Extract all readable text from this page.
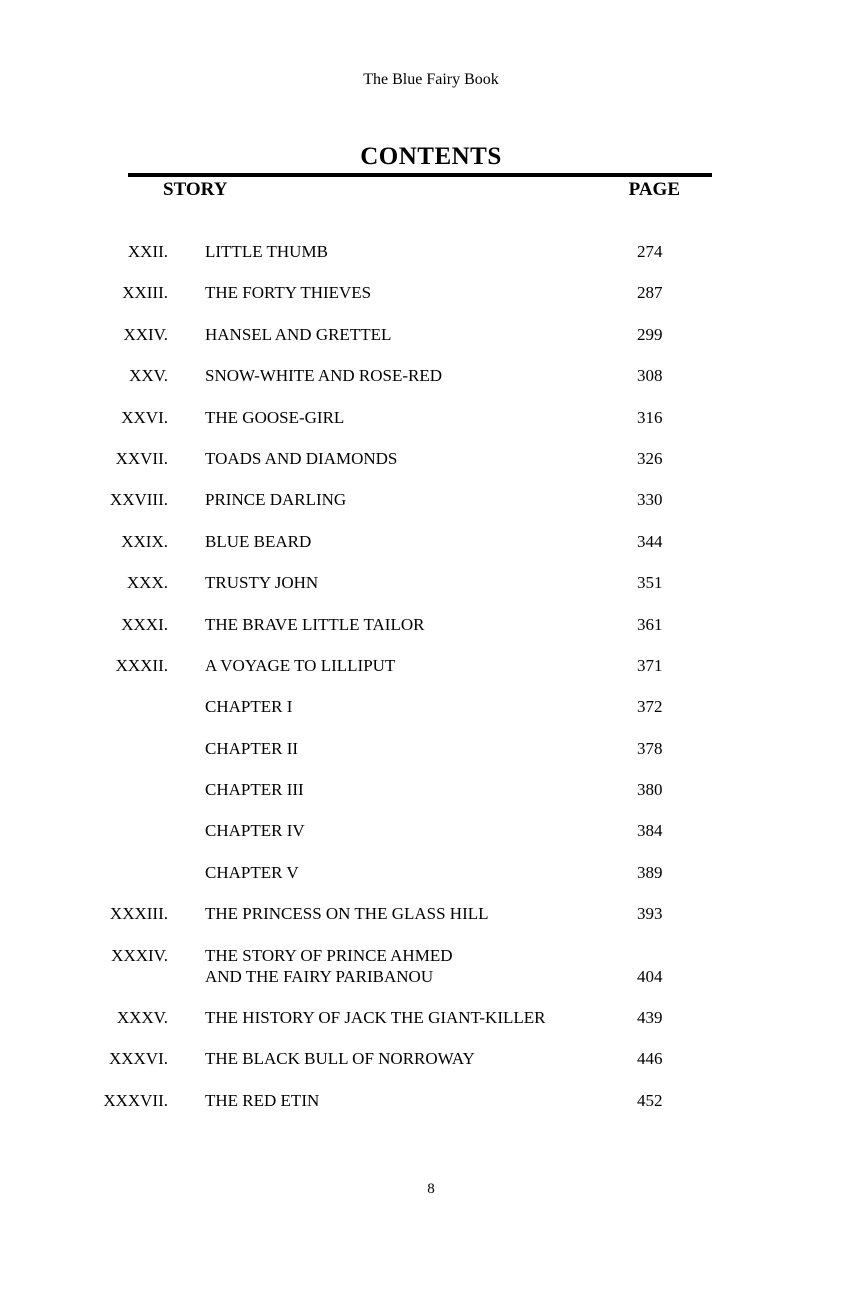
The Blue Fairy Book
CONTENTS
STORY	PAGE
XXII. LITTLE THUMB	274
XXIII. THE FORTY THIEVES	287
XXIV. HANSEL AND GRETTEL	299
XXV. SNOW-WHITE AND ROSE-RED	308
XXVI. THE GOOSE-GIRL	316
XXVII. TOADS AND DIAMONDS	326
XXVIII. PRINCE DARLING	330
XXIX. BLUE BEARD	344
XXX. TRUSTY JOHN	351
XXXI. THE BRAVE LITTLE TAILOR	361
XXXII. A VOYAGE TO LILLIPUT	371
CHAPTER I	372
CHAPTER II	378
CHAPTER III	380
CHAPTER IV	384
CHAPTER V	389
XXXIII. THE PRINCESS ON THE GLASS HILL	393
XXXIV. THE STORY OF PRINCE AHMED
AND THE FAIRY PARIBANOU	404
XXXV. THE HISTORY OF JACK THE GIANT-KILLER	439
XXXVI. THE BLACK BULL OF NORROWAY	446
XXXVII. THE RED ETIN	452
8
